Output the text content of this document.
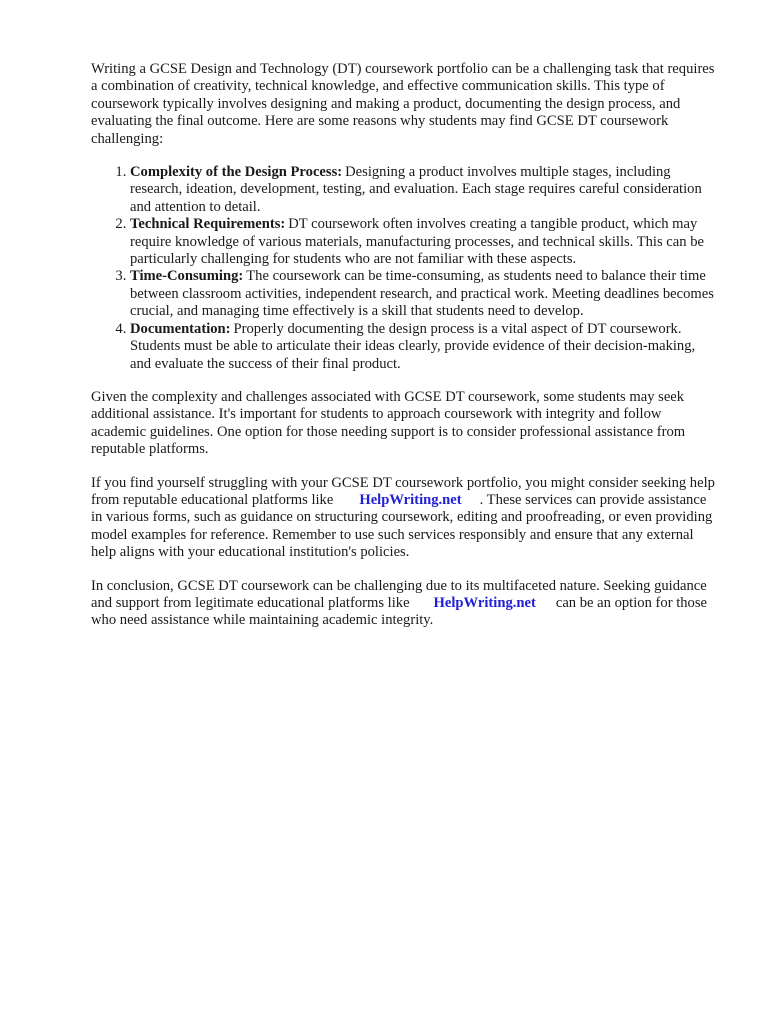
Writing a GCSE Design and Technology (DT) coursework portfolio can be a challenging task that requires a combination of creativity, technical knowledge, and effective communication skills. This type of coursework typically involves designing and making a product, documenting the design process, and evaluating the final outcome. Here are some reasons why students may find GCSE DT coursework challenging:

1. Complexity of the Design Process: Designing a product involves multiple stages, including research, ideation, development, testing, and evaluation. Each stage requires careful consideration and attention to detail.
2. Technical Requirements: DT coursework often involves creating a tangible product, which may require knowledge of various materials, manufacturing processes, and technical skills. This can be particularly challenging for students who are not familiar with these aspects.
3. Time-Consuming: The coursework can be time-consuming, as students need to balance their time between classroom activities, independent research, and practical work. Meeting deadlines becomes crucial, and managing time effectively is a skill that students need to develop.
4. Documentation: Properly documenting the design process is a vital aspect of DT coursework. Students must be able to articulate their ideas clearly, provide evidence of their decision-making, and evaluate the success of their final product.

Given the complexity and challenges associated with GCSE DT coursework, some students may seek additional assistance. It's important for students to approach coursework with integrity and follow academic guidelines. One option for those needing support is to consider professional assistance from reputable platforms.

If you find yourself struggling with your GCSE DT coursework portfolio, you might consider seeking help from reputable educational platforms like HelpWriting.net . These services can provide assistance in various forms, such as guidance on structuring coursework, editing and proofreading, or even providing model examples for reference. Remember to use such services responsibly and ensure that any external help aligns with your educational institution's policies.

In conclusion, GCSE DT coursework can be challenging due to its multifaceted nature. Seeking guidance and support from legitimate educational platforms like HelpWriting.net can be an option for those who need assistance while maintaining academic integrity.
